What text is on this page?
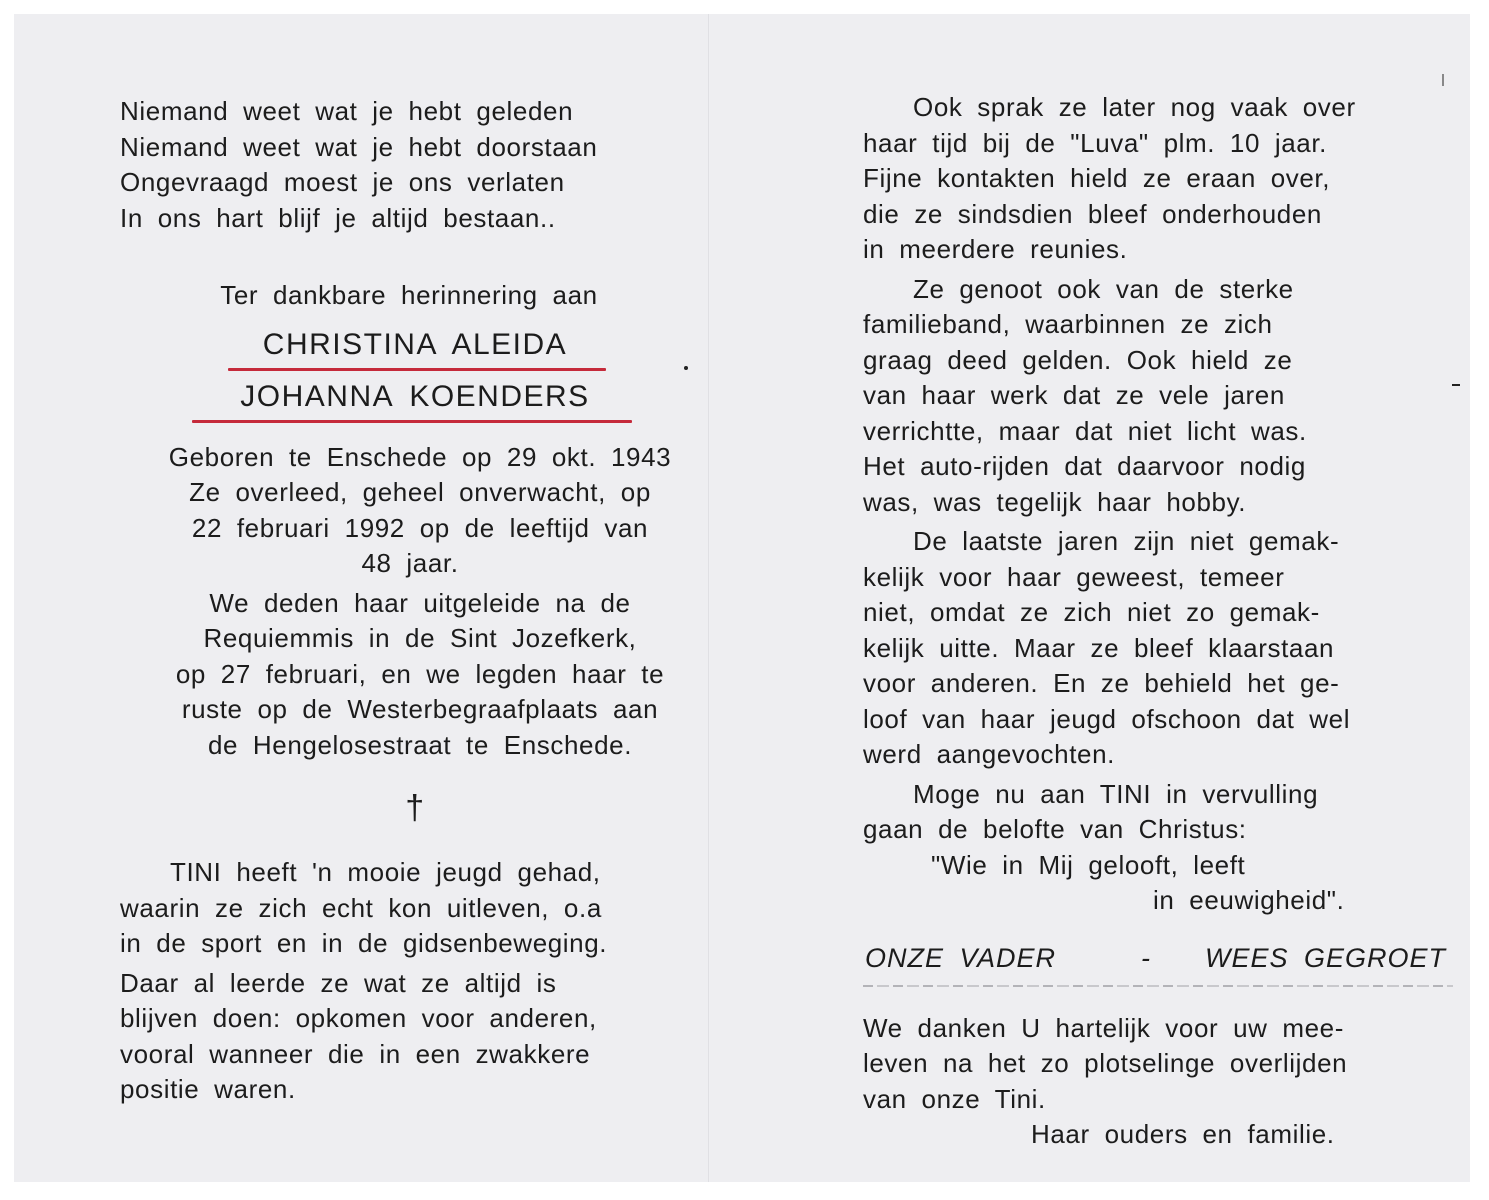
Niemand weet wat je hebt geleden
Niemand weet wat je hebt doorstaan
Ongevraagd moest je ons verlaten
In ons hart blijf je altijd bestaan..
Ter dankbare herinnering aan
CHRISTINA ALEIDA
JOHANNA KOENDERS
Geboren te Enschede op 29 okt. 1943
Ze overleed, geheel onverwacht, op
22 februari 1992 op de leeftijd van
48 jaar.
We deden haar uitgeleide na de
Requiemmis in de Sint Jozefkerk,
op 27 februari, en we legden haar te
ruste op de Westerbegraafplaats aan
de Hengelosestraat te Enschede.
†
TINI heeft 'n mooie jeugd gehad,
waarin ze zich echt kon uitleven, o.a
in de sport en in de gidsenbeweging.
Daar al leerde ze wat ze altijd is
blijven doen: opkomen voor anderen,
vooral wanneer die in een zwakkere
positie waren.
Ook sprak ze later nog vaak over
haar tijd bij de "Luva" plm. 10 jaar.
Fijne kontakten hield ze eraan over,
die ze sindsdien bleef onderhouden
in meerdere reunies.
Ze genoot ook van de sterke
familieband, waarbinnen ze zich
graag deed gelden. Ook hield ze
van haar werk dat ze vele jaren
verrichtte, maar dat niet licht was.
Het auto-rijden dat daarvoor nodig
was, was tegelijk haar hobby.
De laatste jaren zijn niet gemak-
kelijk voor haar geweest, temeer
niet, omdat ze zich niet zo gemak-
kelijk uitte. Maar ze bleef klaarstaan
voor anderen. En ze behield het ge-
loof van haar jeugd ofschoon dat wel
werd aangevochten.
Moge nu aan TINI in vervulling
gaan de belofte van Christus:
"Wie in Mij gelooft, leeft
in eeuwigheid".
ONZE VADER	- WEES GEGROET
We danken U hartelijk voor uw mee-
leven na het zo plotselinge overlijden
van onze Tini.
Haar ouders en familie.
